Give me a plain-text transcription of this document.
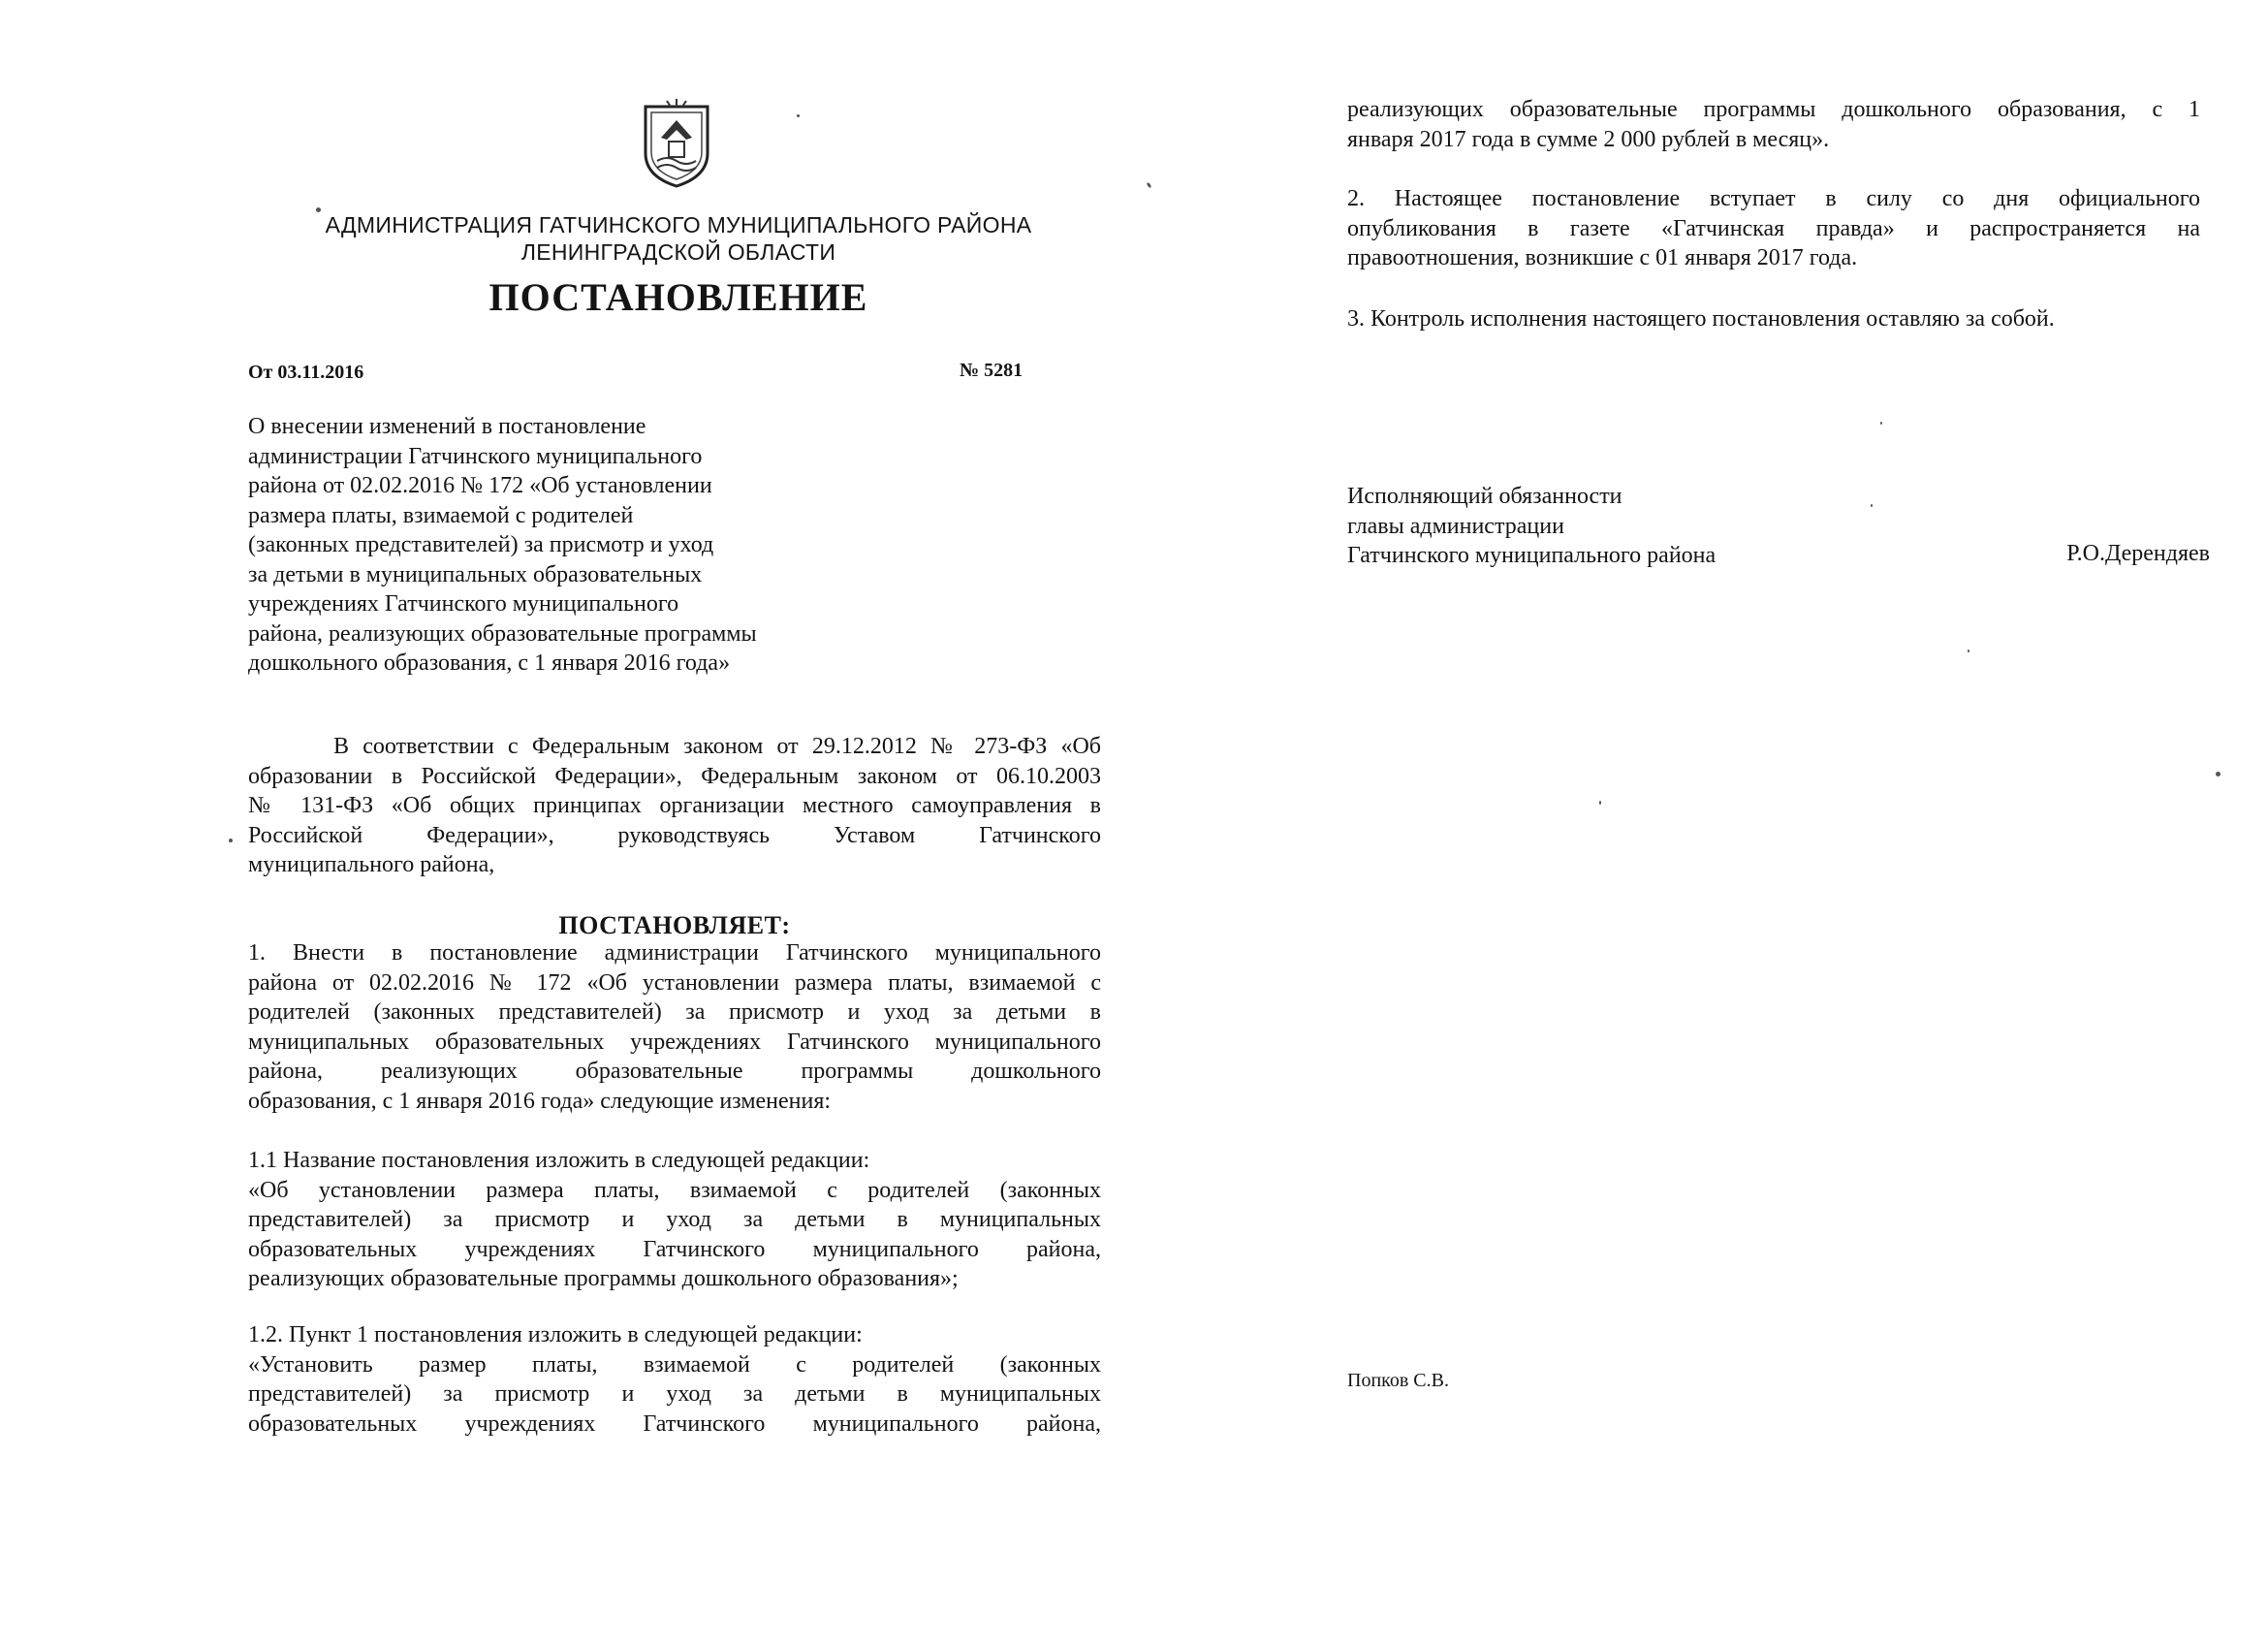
АДМИНИСТРАЦИЯ ГАТЧИНСКОГО МУНИЦИПАЛЬНОГО РАЙОНА
ЛЕНИНГРАДСКОЙ ОБЛАСТИ
ПОСТАНОВЛЕНИЕ
От 03.11.2016	№ 5281

О внесении изменений в постановление

администрации Гатчинского муниципального

района от 02.02.2016 № 172 «Об установлении

размера платы, взимаемой с родителей

(законных представителей) за присмотр и уход

за детьми в муниципальных образовательных

учреждениях Гатчинского муниципального

района, реализующих образовательные программы

дошкольного образования, с 1 января 2016 года»

В соответствии с Федеральным законом от 29.12.2012 № 273-ФЗ «Об

образовании в Российской Федерации», Федеральным законом от 06.10.2003

№ 131-ФЗ «Об общих принципах организации местного самоуправления в

Российской Федерации», руководствуясь Уставом Гатчинского

муниципального района,

ПОСТАНОВЛЯЕТ:

1. Внести в постановление администрации Гатчинского муниципального

района от 02.02.2016 № 172 «Об установлении размера платы, взимаемой с

родителей (законных представителей) за присмотр и уход за детьми в

муниципальных образовательных учреждениях Гатчинского муниципального

района, реализующих образовательные программы дошкольного

образования, с 1 января 2016 года» следующие изменения:

1.1 Название постановления изложить в следующей редакции:

«Об установлении размера платы, взимаемой с родителей (законных

представителей) за присмотр и уход за детьми в муниципальных

образовательных учреждениях Гатчинского муниципального района,

реализующих образовательные программы дошкольного образования»;

1.2. Пункт 1 постановления изложить в следующей редакции:

«Установить размер платы, взимаемой с родителей (законных

представителей) за присмотр и уход за детьми в муниципальных

образовательных учреждениях Гатчинского муниципального района,

реализующих образовательные программы дошкольного образования, с 1

января 2017 года в сумме 2 000 рублей в месяц».

2. Настоящее постановление вступает в силу со дня официального

опубликования в газете «Гатчинская правда» и распространяется на

правоотношения, возникшие с 01 января 2017 года.

3. Контроль исполнения настоящего постановления оставляю за собой.

Исполняющий обязанности

главы администрации

Гатчинского муниципального района	Р.О.Дерендяев
Попков С.В.
